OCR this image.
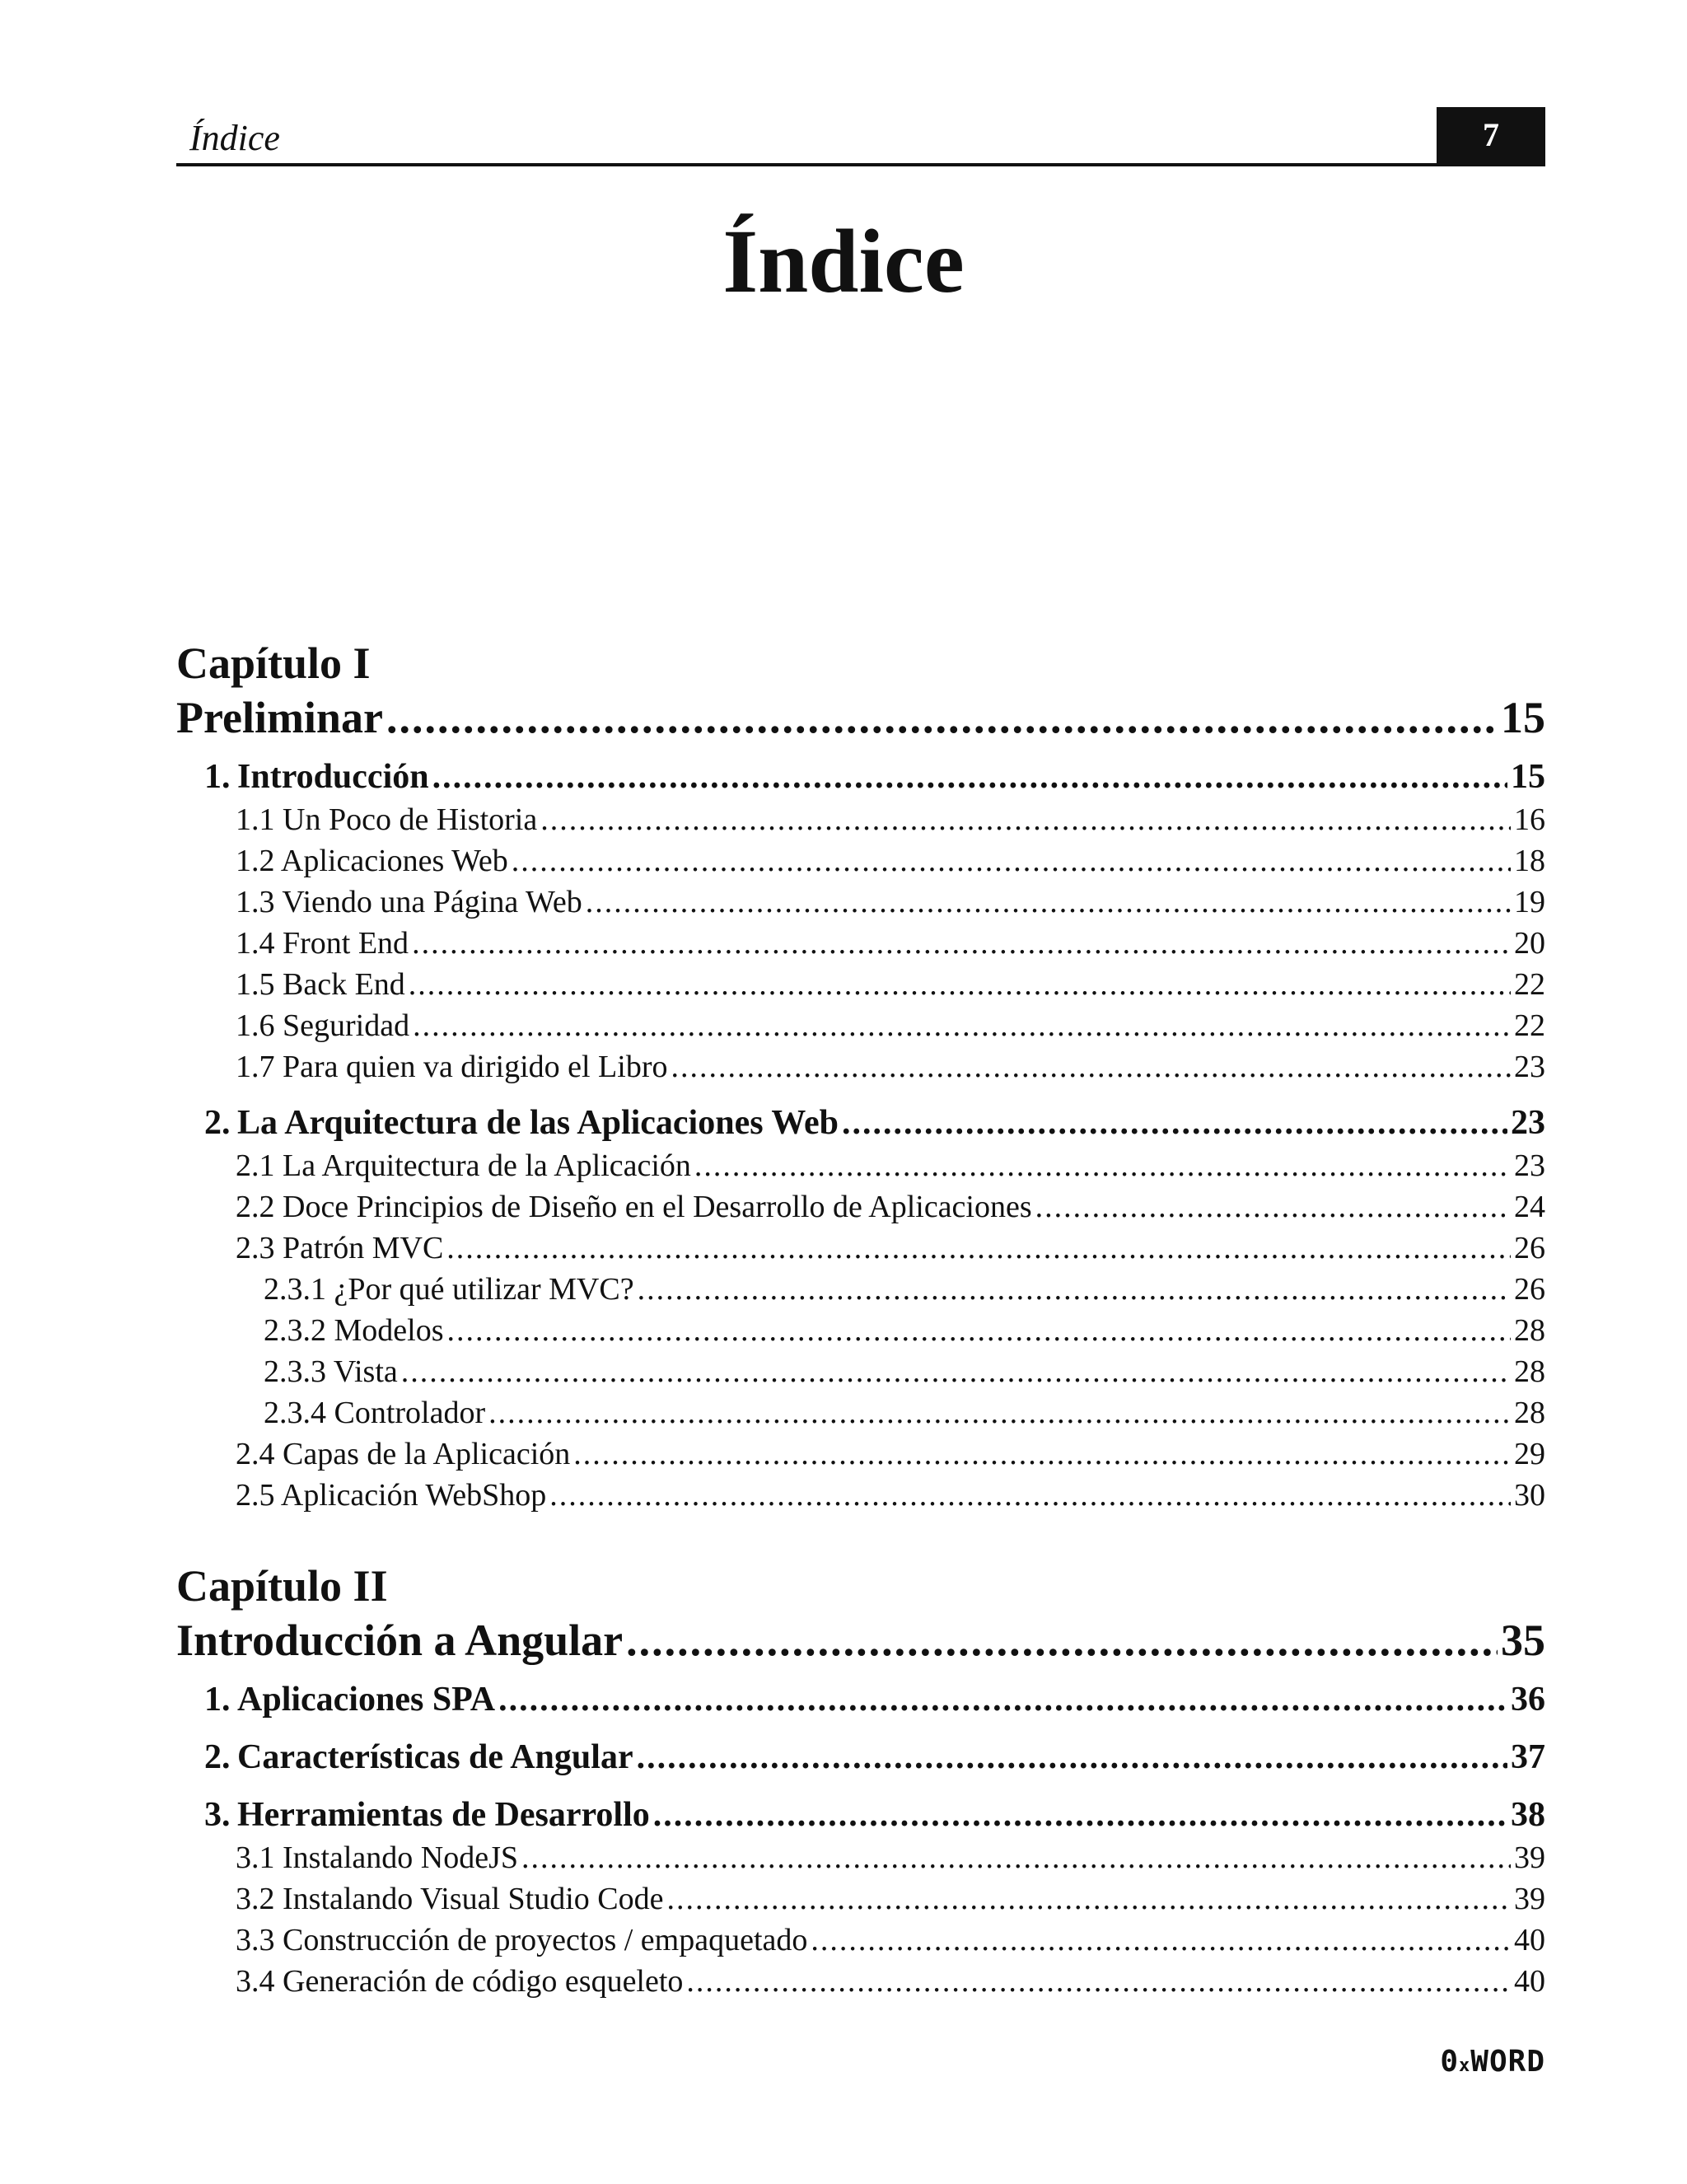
Índice	7
Índice
Capítulo I
Preliminar .....	15
1. Introducción .....	15
1.1 Un Poco de Historia .....	16
1.2 Aplicaciones Web .....	18
1.3 Viendo una Página Web .....	19
1.4 Front End .....	20
1.5 Back End .....	22
1.6 Seguridad .....	22
1.7 Para quien va dirigido el Libro .....	23
2. La Arquitectura de las Aplicaciones Web .....	23
2.1 La Arquitectura de la Aplicación .....	23
2.2 Doce Principios de Diseño en el Desarrollo de Aplicaciones .....	24
2.3 Patrón MVC .....	26
2.3.1 ¿Por qué utilizar MVC? .....	26
2.3.2 Modelos .....	28
2.3.3 Vista .....	28
2.3.4 Controlador .....	28
2.4 Capas de la Aplicación .....	29
2.5 Aplicación WebShop .....	30
Capítulo II
Introducción a Angular .....	35
1. Aplicaciones SPA .....	36
2. Características de Angular .....	37
3. Herramientas de Desarrollo .....	38
3.1 Instalando NodeJS .....	39
3.2 Instalando Visual Studio Code .....	39
3.3 Construcción de proyectos / empaquetado .....	40
3.4 Generación de código esqueleto .....	40
0xWORD
